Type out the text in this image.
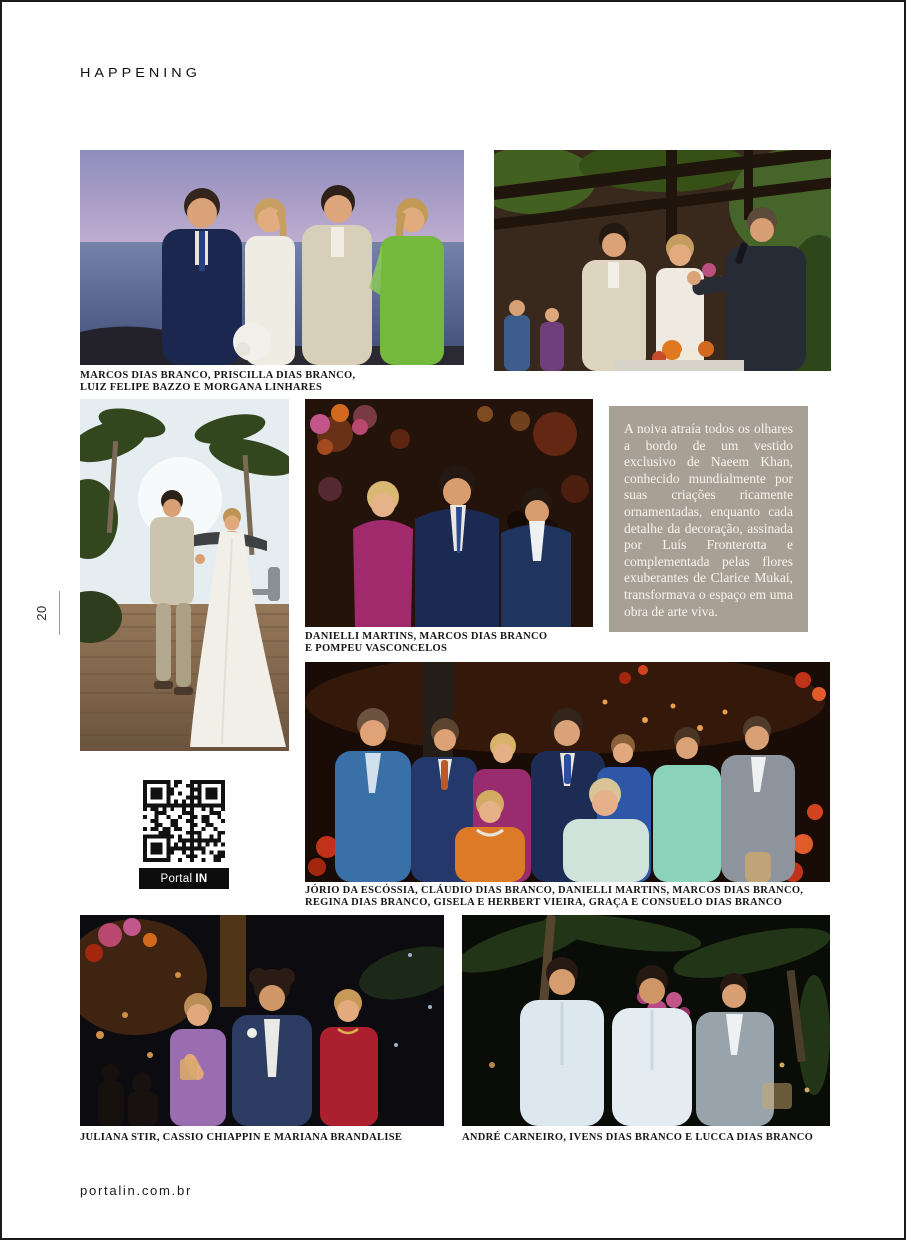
HAPPENING
MARCOS DIAS BRANCO, PRISCILLA DIAS BRANCO,
LUIZ FELIPE BAZZO E MORGANA LINHARES
A noiva atraía todos os olhares a bordo de um vestido exclusivo de Naeem Khan, conhecido mundialmente por suas criações ricamente ornamentadas, enquanto cada detalhe da decoração, assinada por Luís Fronterotta e complementada pelas flores exuberantes de Clarice Mukai, transformava o espaço em uma obra de arte viva.
DANIELLI MARTINS, MARCOS DIAS BRANCO
E POMPEU VASCONCELOS
JÓRIO DA ESCÓSSIA, CLÁUDIO DIAS BRANCO, DANIELLI MARTINS, MARCOS DIAS BRANCO,
REGINA DIAS BRANCO, GISELA E HERBERT VIEIRA, GRAÇA E CONSUELO DIAS BRANCO
Portal IN
20
JULIANA STIR, CASSIO CHIAPPIN E MARIANA BRANDALISE	ANDRÉ CARNEIRO, IVENS DIAS BRANCO E LUCCA DIAS BRANCO
portalin.com.br
